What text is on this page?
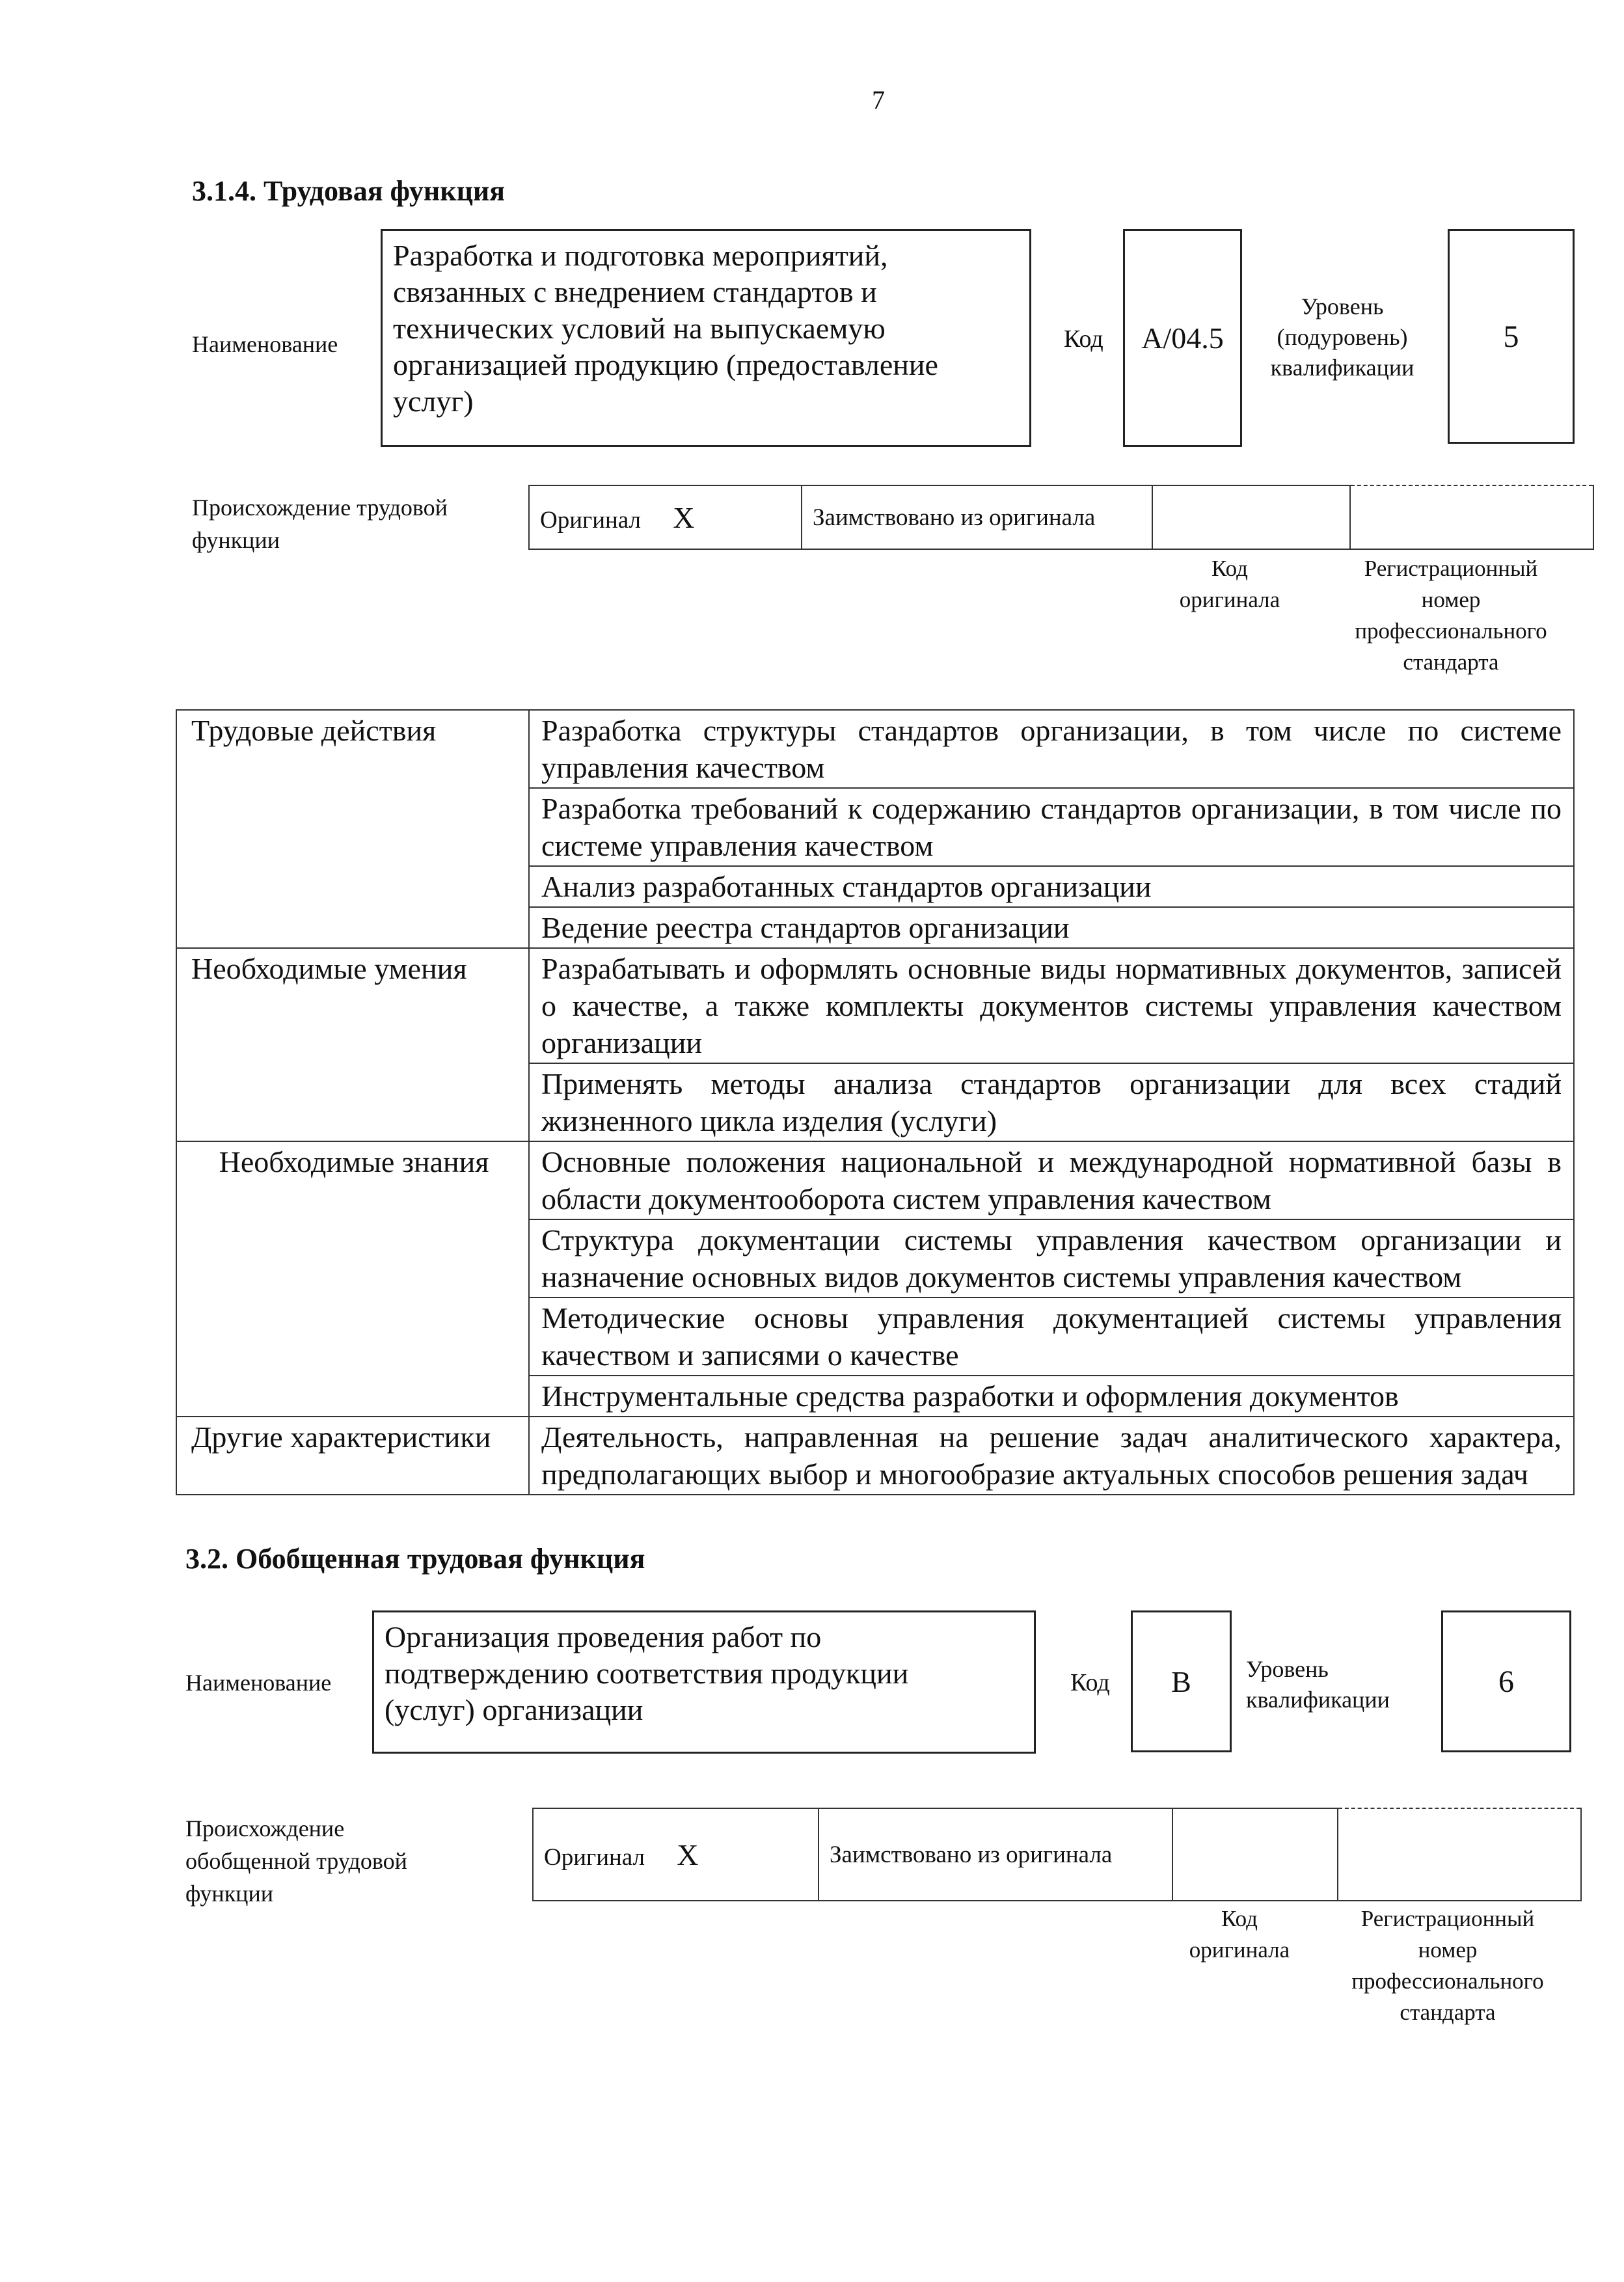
7
3.1.4. Трудовая функция
Наименование
Разработка и подготовка мероприятий,
связанных с внедрением стандартов и
технических условий на выпускаемую
организацией продукцию (предоставление
услуг)
Код	A/04.5
Уровень
(подуровень)
квалификации
5
Происхождение трудовой
функции
Оригинал X	Заимствовано из оригинала		
Код
оригинала
Регистрационный
номер
профессионального
стандарта
Трудовые действия	Разработка структуры стандартов организации, в том числе по системе управления качеством
	Разработка требований к содержанию стандартов организации, в том числе по системе управления качеством
	Анализ разработанных стандартов организации
	Ведение реестра стандартов организации
Необходимые умения	Разрабатывать и оформлять основные виды нормативных документов, записей о качестве, а также комплекты документов системы управления качеством организации
	Применять методы анализа стандартов организации для всех стадий жизненного цикла изделия (услуги)
Необходимые знания	Основные положения национальной и международной нормативной базы в области документооборота систем управления качеством
	Структура документации системы управления качеством организации и назначение основных видов документов системы управления качеством
	Методические основы управления документацией системы управления качеством и записями о качестве
	Инструментальные средства разработки и оформления документов
Другие характеристики	Деятельность, направленная на решение задач аналитического характера, предполагающих выбор и многообразие актуальных способов решения задач
3.2. Обобщенная трудовая функция
Наименование
Организация проведения работ по
подтверждению соответствия продукции
(услуг) организации
Код	B	Уровень
квалификации
6
Происхождение
обобщенной трудовой
функции
Оригинал X	Заимствовано из оригинала		
Код
оригинала
Регистрационный
номер
профессионального
стандарта
